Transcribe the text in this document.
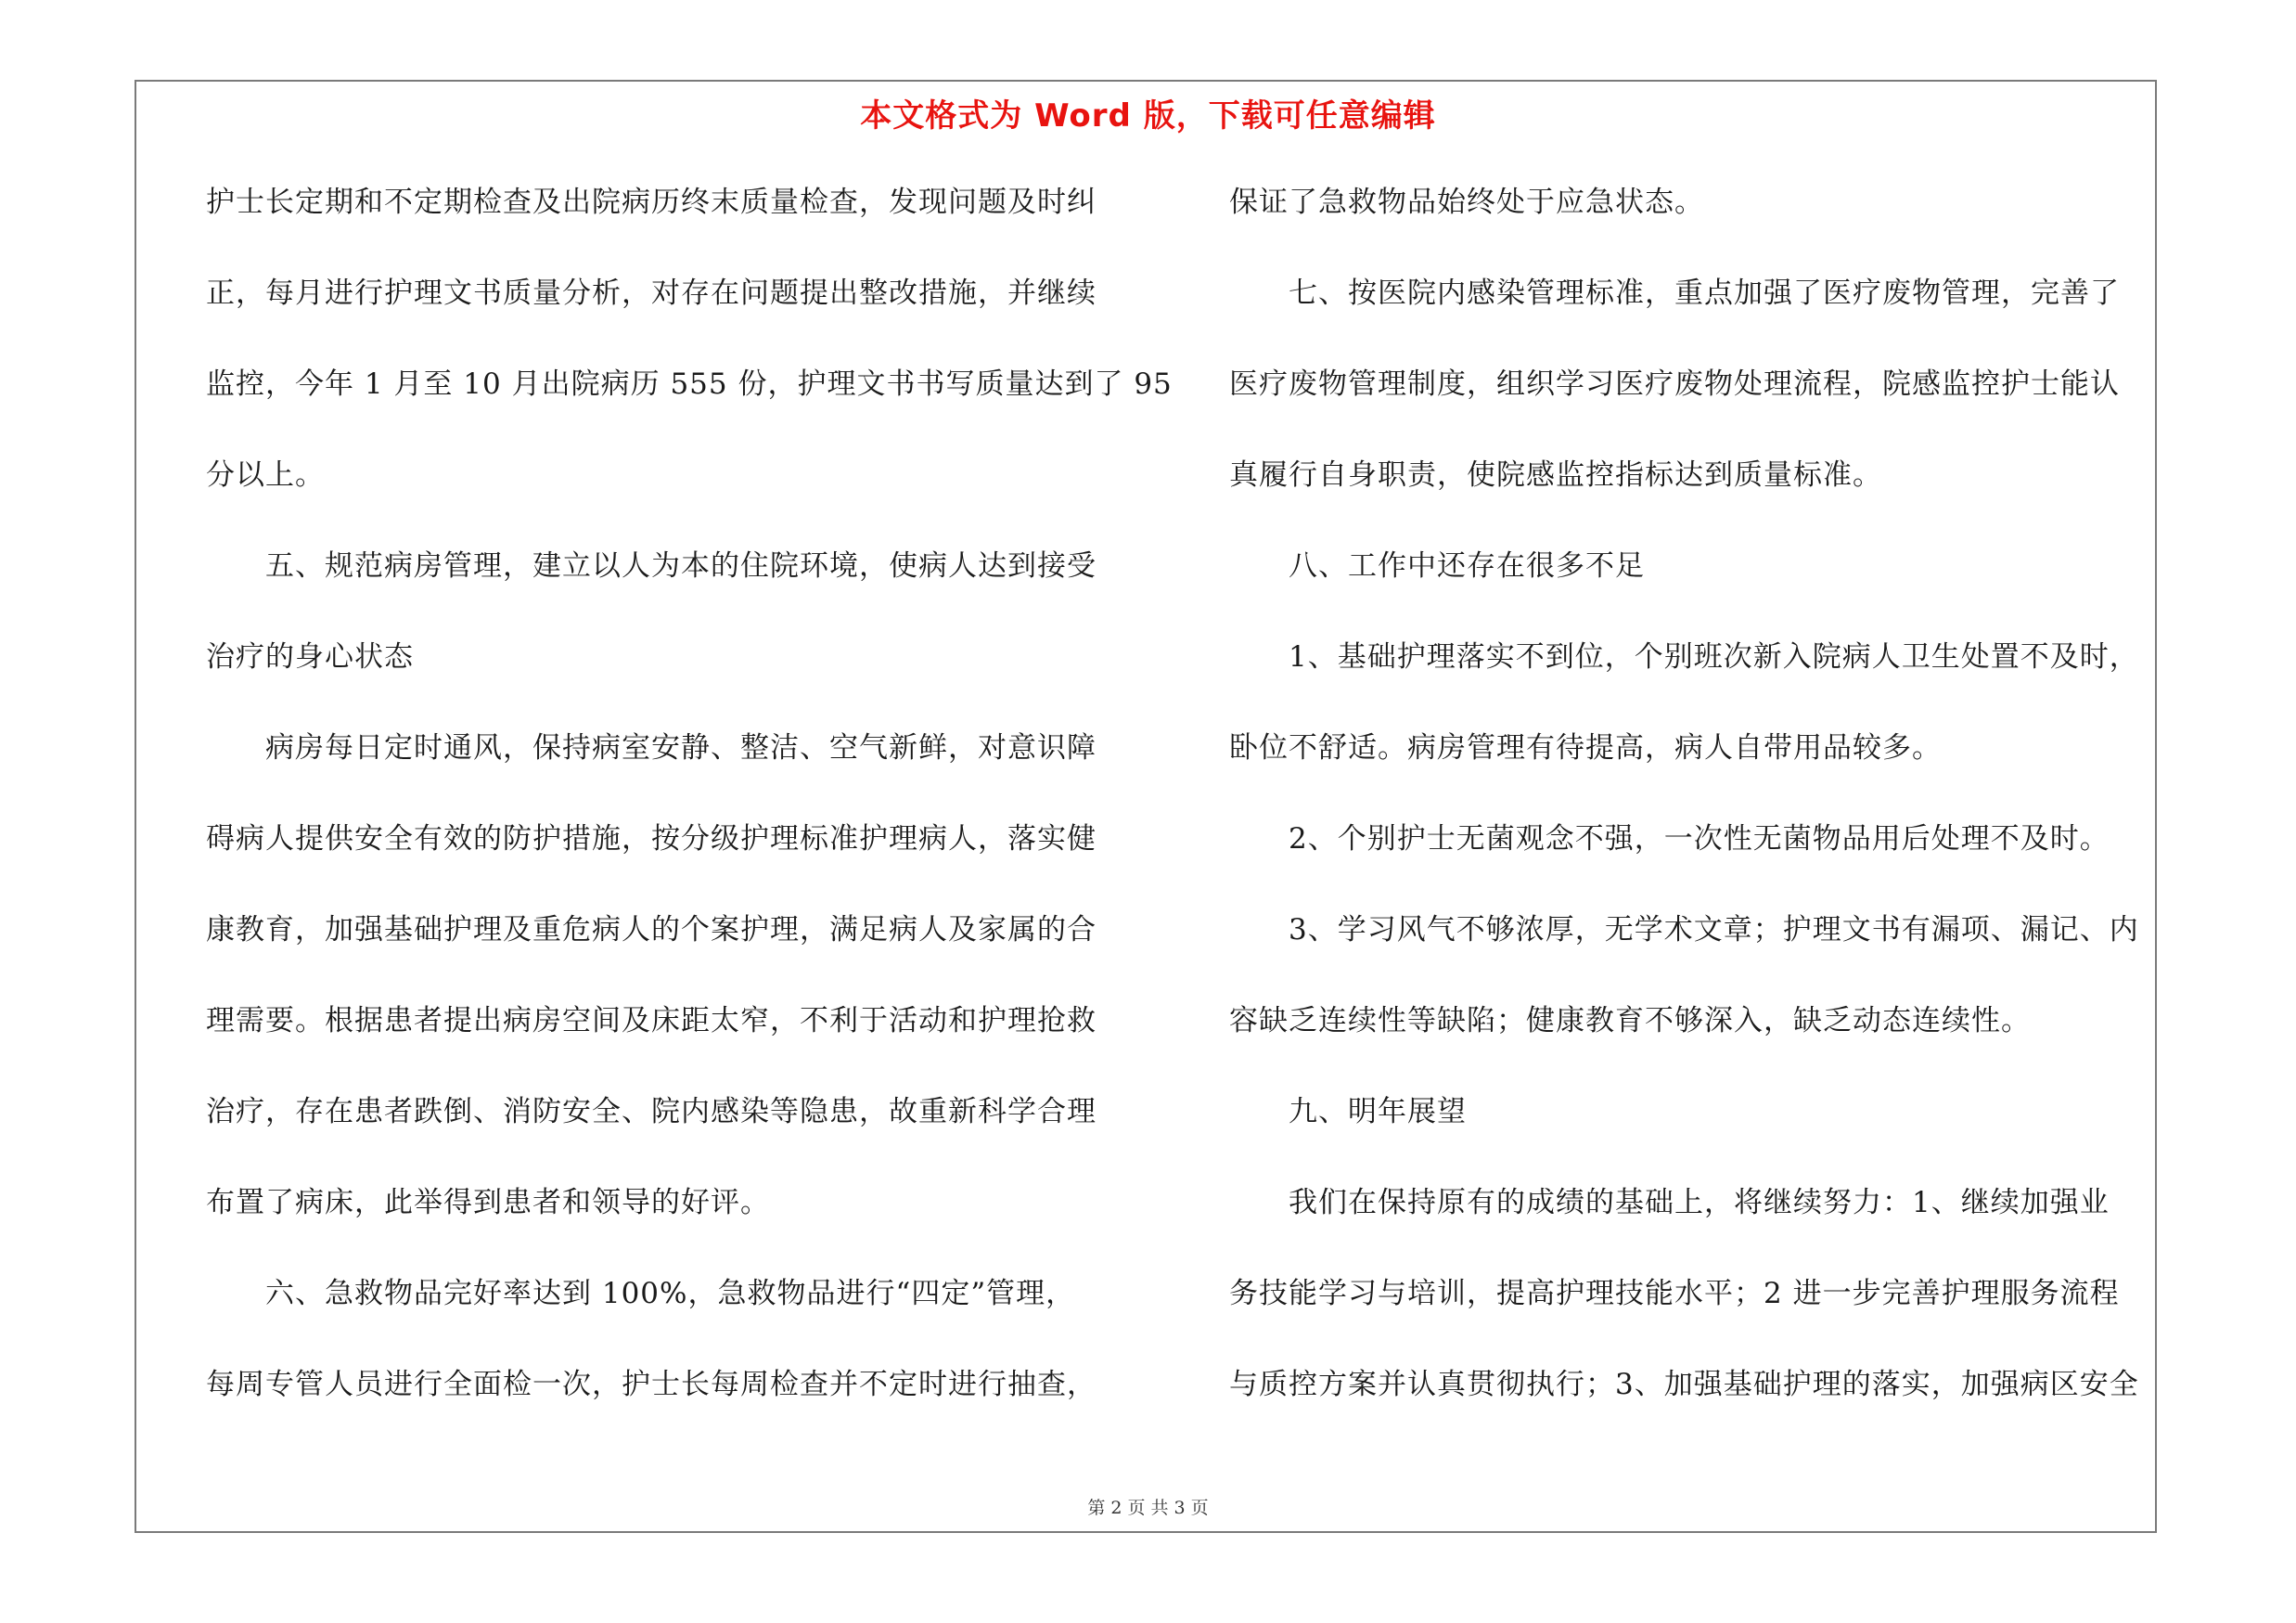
本文格式为 Word 版，下载可任意编辑
护士长定期和不定期检查及出院病历终末质量检查，发现问题及时纠
正，每月进行护理文书质量分析，对存在问题提出整改措施，并继续
监控，今年 1 月至 10 月出院病历 555 份，护理文书书写质量达到了 95
分以上。
　　五、规范病房管理，建立以人为本的住院环境，使病人达到接受
治疗的身心状态
　　病房每日定时通风，保持病室安静、整洁、空气新鲜，对意识障
碍病人提供安全有效的防护措施，按分级护理标准护理病人，落实健
康教育，加强基础护理及重危病人的个案护理，满足病人及家属的合
理需要。根据患者提出病房空间及床距太窄，不利于活动和护理抢救
治疗，存在患者跌倒、消防安全、院内感染等隐患，故重新科学合理
布置了病床，此举得到患者和领导的好评。
　　六、急救物品完好率达到 100%，急救物品进行“四定”管理，
每周专管人员进行全面检一次，护士长每周检查并不定时进行抽查，
保证了急救物品始终处于应急状态。
　　七、按医院内感染管理标准，重点加强了医疗废物管理，完善了
医疗废物管理制度，组织学习医疗废物处理流程，院感监控护士能认
真履行自身职责，使院感监控指标达到质量标准。
　　八、工作中还存在很多不足
　　1、基础护理落实不到位，个别班次新入院病人卫生处置不及时，
卧位不舒适。病房管理有待提高，病人自带用品较多。
　　2、个别护士无菌观念不强，一次性无菌物品用后处理不及时。
　　3、学习风气不够浓厚，无学术文章；护理文书有漏项、漏记、内
容缺乏连续性等缺陷；健康教育不够深入，缺乏动态连续性。
　　九、明年展望
　　我们在保持原有的成绩的基础上，将继续努力：1、继续加强业
务技能学习与培训，提高护理技能水平；2 进一步完善护理服务流程
与质控方案并认真贯彻执行；3、加强基础护理的落实，加强病区安全
第 2 页 共 3 页
